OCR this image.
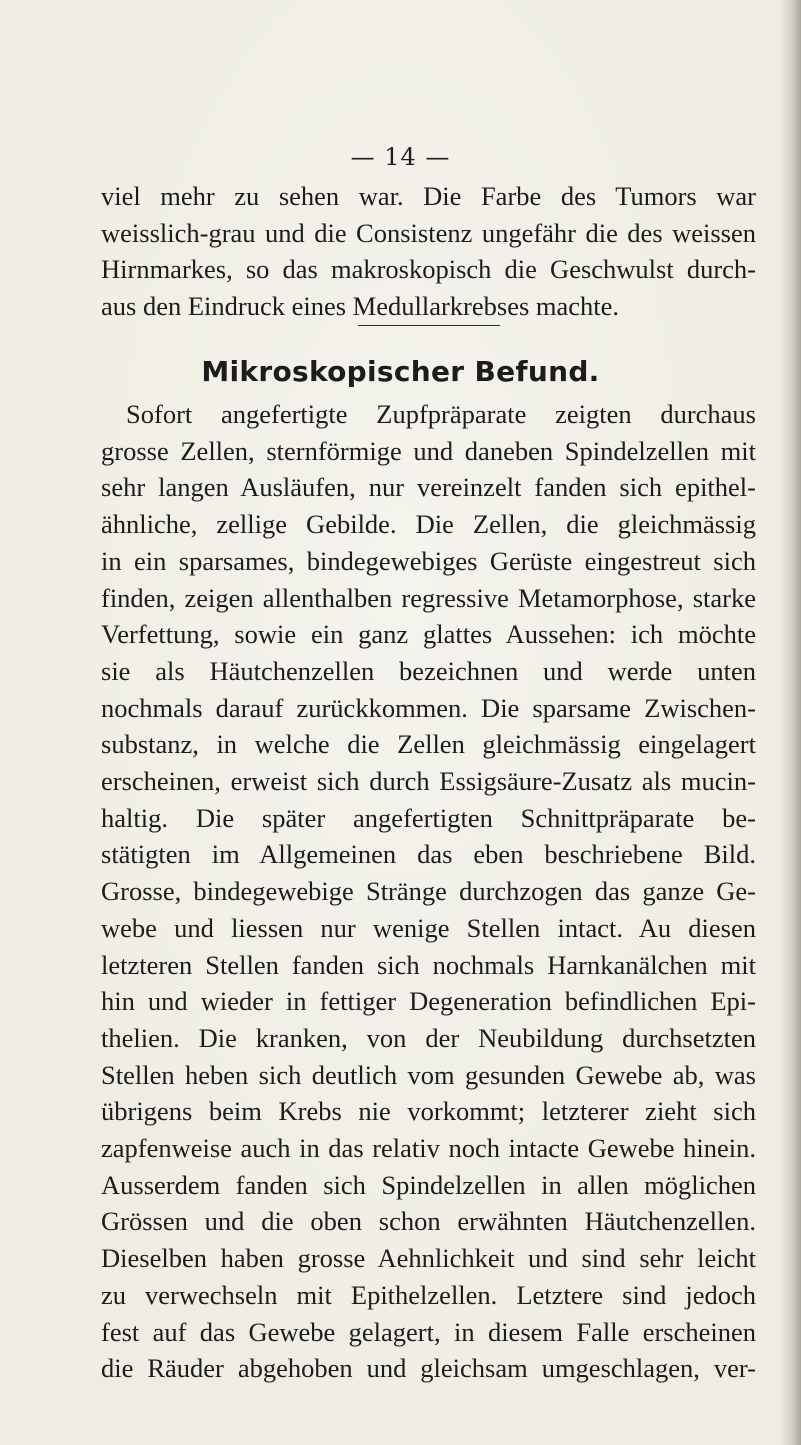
— 14 —
viel mehr zu sehen war. Die Farbe des Tumors war
weisslich-grau und die Consistenz ungefähr die des weissen
Hirnmarkes, so das makroskopisch die Geschwulst durch-
aus den Eindruck eines Medullarkrebses machte.
Mikroskopischer Befund.
Sofort angefertigte Zupfpräparate zeigten durchaus
grosse Zellen, sternförmige und daneben Spindelzellen mit
sehr langen Ausläufen, nur vereinzelt fanden sich epithel-
ähnliche, zellige Gebilde. Die Zellen, die gleichmässig
in ein sparsames, bindegewebiges Gerüste eingestreut sich
finden, zeigen allenthalben regressive Metamorphose, starke
Verfettung, sowie ein ganz glattes Aussehen: ich möchte
sie als Häutchenzellen bezeichnen und werde unten
nochmals darauf zurückkommen. Die sparsame Zwischen-
substanz, in welche die Zellen gleichmässig eingelagert
erscheinen, erweist sich durch Essigsäure-Zusatz als mucin-
haltig. Die später angefertigten Schnittpräparate be-
stätigten im Allgemeinen das eben beschriebene Bild.
Grosse, bindegewebige Stränge durchzogen das ganze Ge-
webe und liessen nur wenige Stellen intact. Au diesen
letzteren Stellen fanden sich nochmals Harnkanälchen mit
hin und wieder in fettiger Degeneration befindlichen Epi-
thelien. Die kranken, von der Neubildung durchsetzten
Stellen heben sich deutlich vom gesunden Gewebe ab, was
übrigens beim Krebs nie vorkommt; letzterer zieht sich
zapfenweise auch in das relativ noch intacte Gewebe hinein.
Ausserdem fanden sich Spindelzellen in allen möglichen
Grössen und die oben schon erwähnten Häutchenzellen.
Dieselben haben grosse Aehnlichkeit und sind sehr leicht
zu verwechseln mit Epithelzellen. Letztere sind jedoch
fest auf das Gewebe gelagert, in diesem Falle erscheinen
die Räuder abgehoben und gleichsam umgeschlagen, ver-
